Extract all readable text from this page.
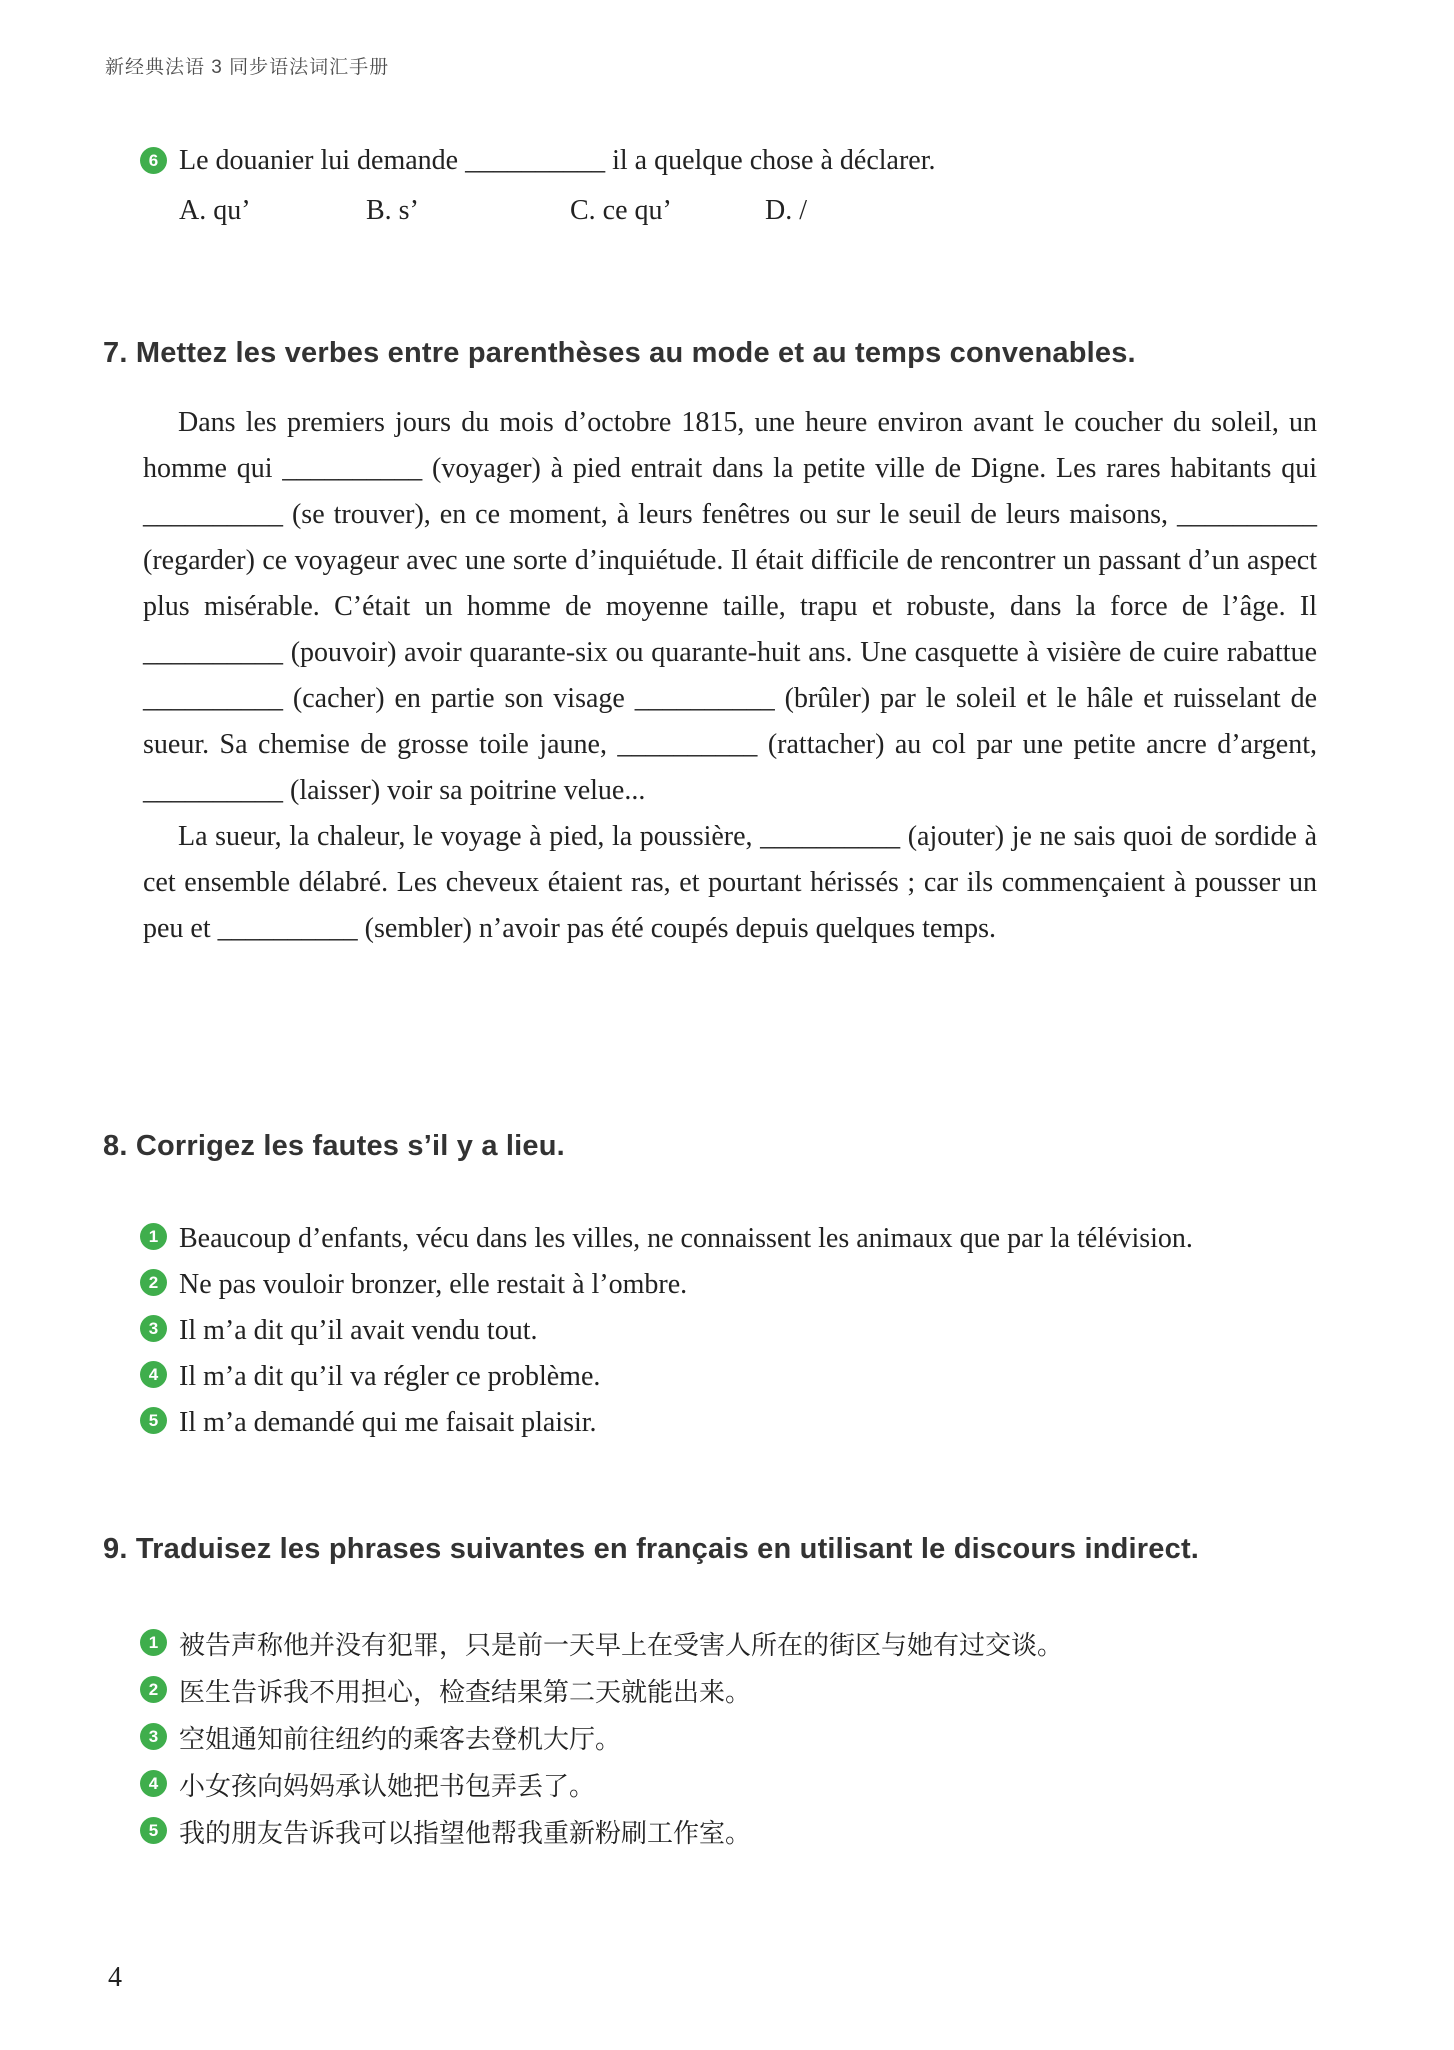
新经典法语 3 同步语法词汇手册
6 Le douanier lui demande __________ il a quelque chose à déclarer.
A. qu’	B. s’	C. ce qu’	D. /
7. Mettez les verbes entre parenthèses au mode et au temps convenables.

Dans les premiers jours du mois d’octobre 1815, une heure environ avant le coucher du soleil, un homme qui __________ (voyager) à pied entrait dans la petite ville de Digne. Les rares habitants qui __________ (se trouver), en ce moment, à leurs fenêtres ou sur le seuil de leurs maisons, __________ (regarder) ce voyageur avec une sorte d’inquiétude. Il était difficile de rencontrer un passant d’un aspect plus misérable. C’était un homme de moyenne taille, trapu et robuste, dans la force de l’âge. Il __________ (pouvoir) avoir quarante-six ou quarante-huit ans. Une casquette à visière de cuire rabattue __________ (cacher) en partie son visage __________ (brûler) par le soleil et le hâle et ruisselant de sueur. Sa chemise de grosse toile jaune, __________ (rattacher) au col par une petite ancre d’argent, __________ (laisser) voir sa poitrine velue...

La sueur, la chaleur, le voyage à pied, la poussière, __________ (ajouter) je ne sais quoi de sordide à cet ensemble délabré. Les cheveux étaient ras, et pourtant hérissés ; car ils commençaient à pousser un peu et __________ (sembler) n’avoir pas été coupés depuis quelques temps.

8. Corrigez les fautes s’il y a lieu.
1 Beaucoup d’enfants, vécu dans les villes, ne connaissent les animaux que par la télévision.
2 Ne pas vouloir bronzer, elle restait à l’ombre.
3 Il m’a dit qu’il avait vendu tout.
4 Il m’a dit qu’il va régler ce problème.
5 Il m’a demandé qui me faisait plaisir.
9. Traduisez les phrases suivantes en français en utilisant le discours indirect.
1 被告声称他并没有犯罪，只是前一天早上在受害人所在的街区与她有过交谈。
2 医生告诉我不用担心，检查结果第二天就能出来。
3 空姐通知前往纽约的乘客去登机大厅。
4 小女孩向妈妈承认她把书包弄丢了。
5 我的朋友告诉我可以指望他帮我重新粉刷工作室。
4
